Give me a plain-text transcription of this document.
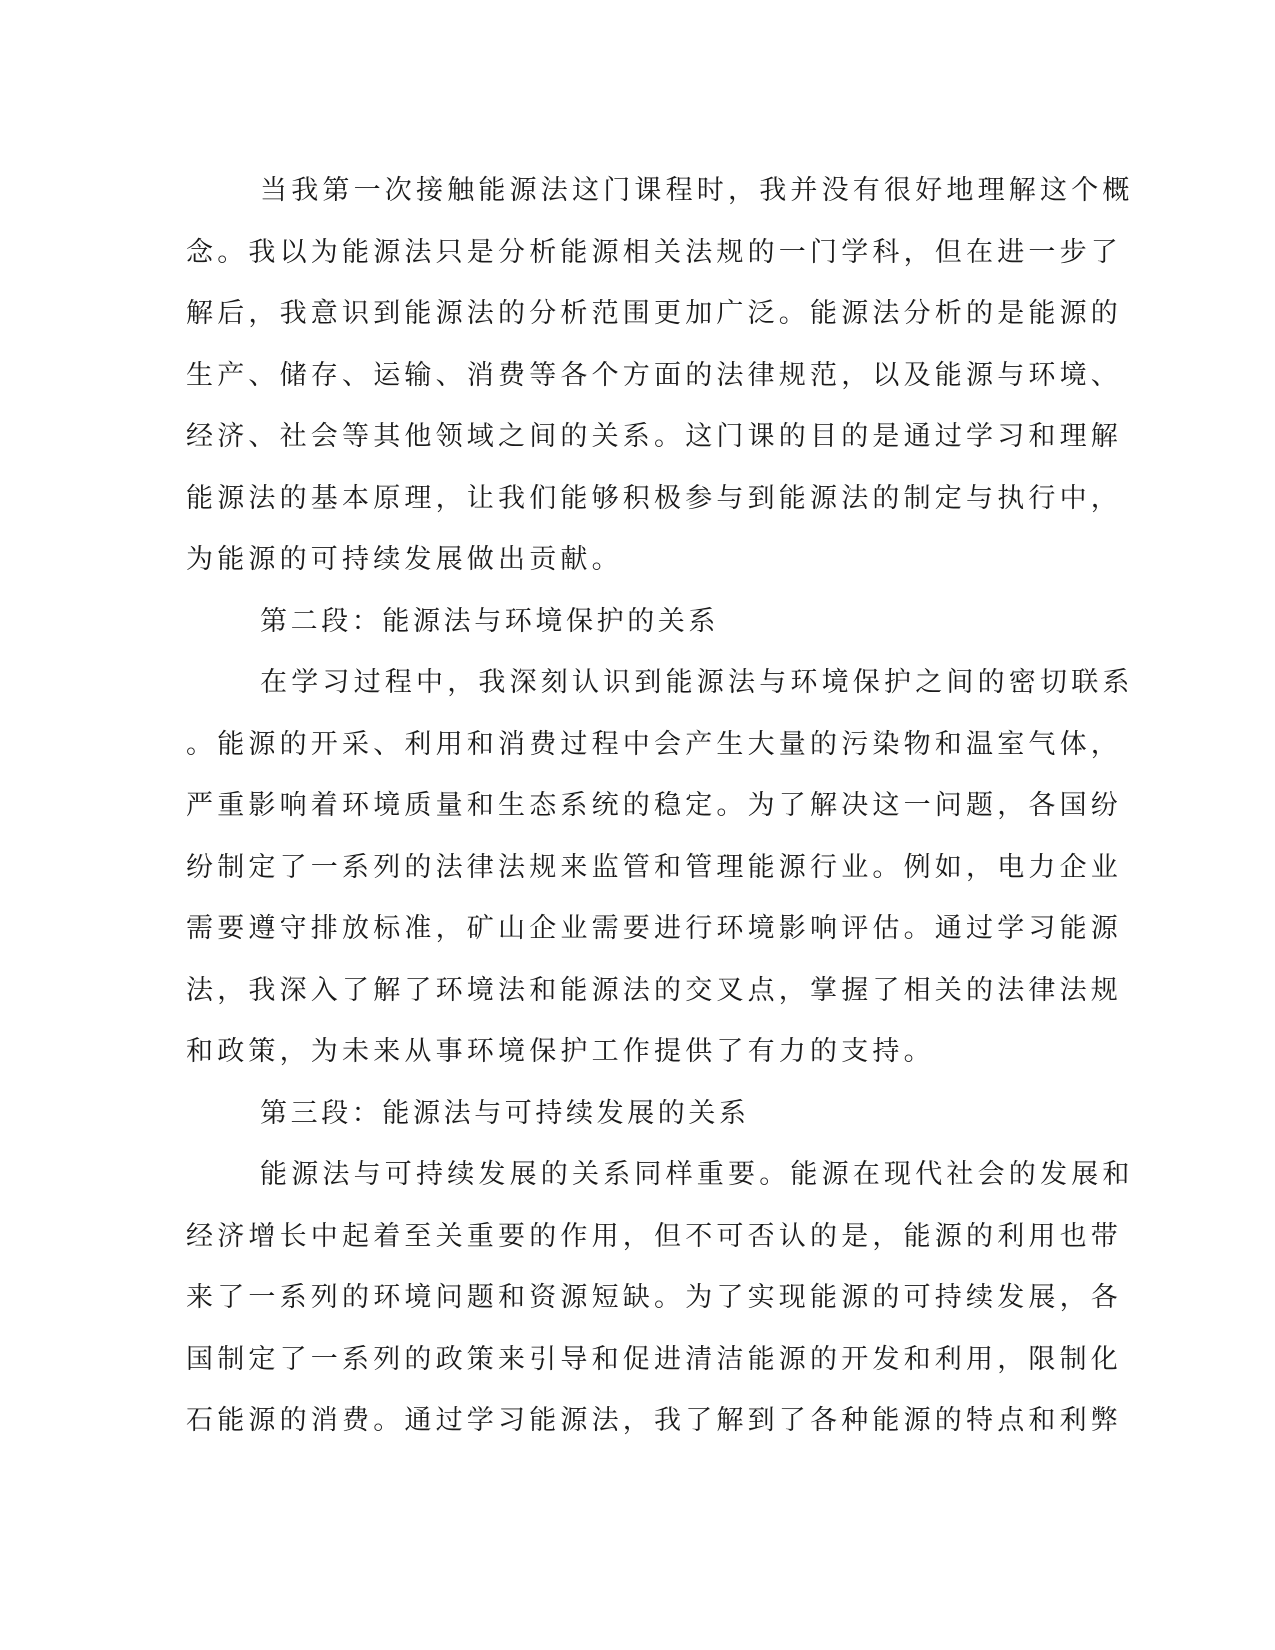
当我第一次接触能源法这门课程时，我并没有很好地理解这个概
念。我以为能源法只是分析能源相关法规的一门学科，但在进一步了
解后，我意识到能源法的分析范围更加广泛。能源法分析的是能源的
生产、储存、运输、消费等各个方面的法律规范，以及能源与环境、
经济、社会等其他领域之间的关系。这门课的目的是通过学习和理解
能源法的基本原理，让我们能够积极参与到能源法的制定与执行中，
为能源的可持续发展做出贡献。
第二段：能源法与环境保护的关系
在学习过程中，我深刻认识到能源法与环境保护之间的密切联系
。能源的开采、利用和消费过程中会产生大量的污染物和温室气体，
严重影响着环境质量和生态系统的稳定。为了解决这一问题，各国纷
纷制定了一系列的法律法规来监管和管理能源行业。例如，电力企业
需要遵守排放标准，矿山企业需要进行环境影响评估。通过学习能源
法，我深入了解了环境法和能源法的交叉点，掌握了相关的法律法规
和政策，为未来从事环境保护工作提供了有力的支持。
第三段：能源法与可持续发展的关系
能源法与可持续发展的关系同样重要。能源在现代社会的发展和
经济增长中起着至关重要的作用，但不可否认的是，能源的利用也带
来了一系列的环境问题和资源短缺。为了实现能源的可持续发展，各
国制定了一系列的政策来引导和促进清洁能源的开发和利用，限制化
石能源的消费。通过学习能源法，我了解到了各种能源的特点和利弊
